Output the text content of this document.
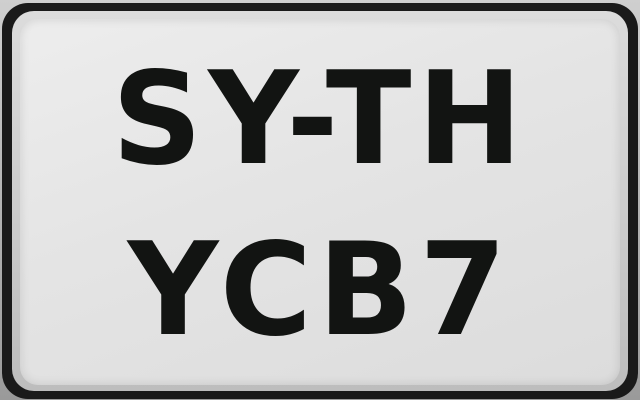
SY-TH
YCB7
